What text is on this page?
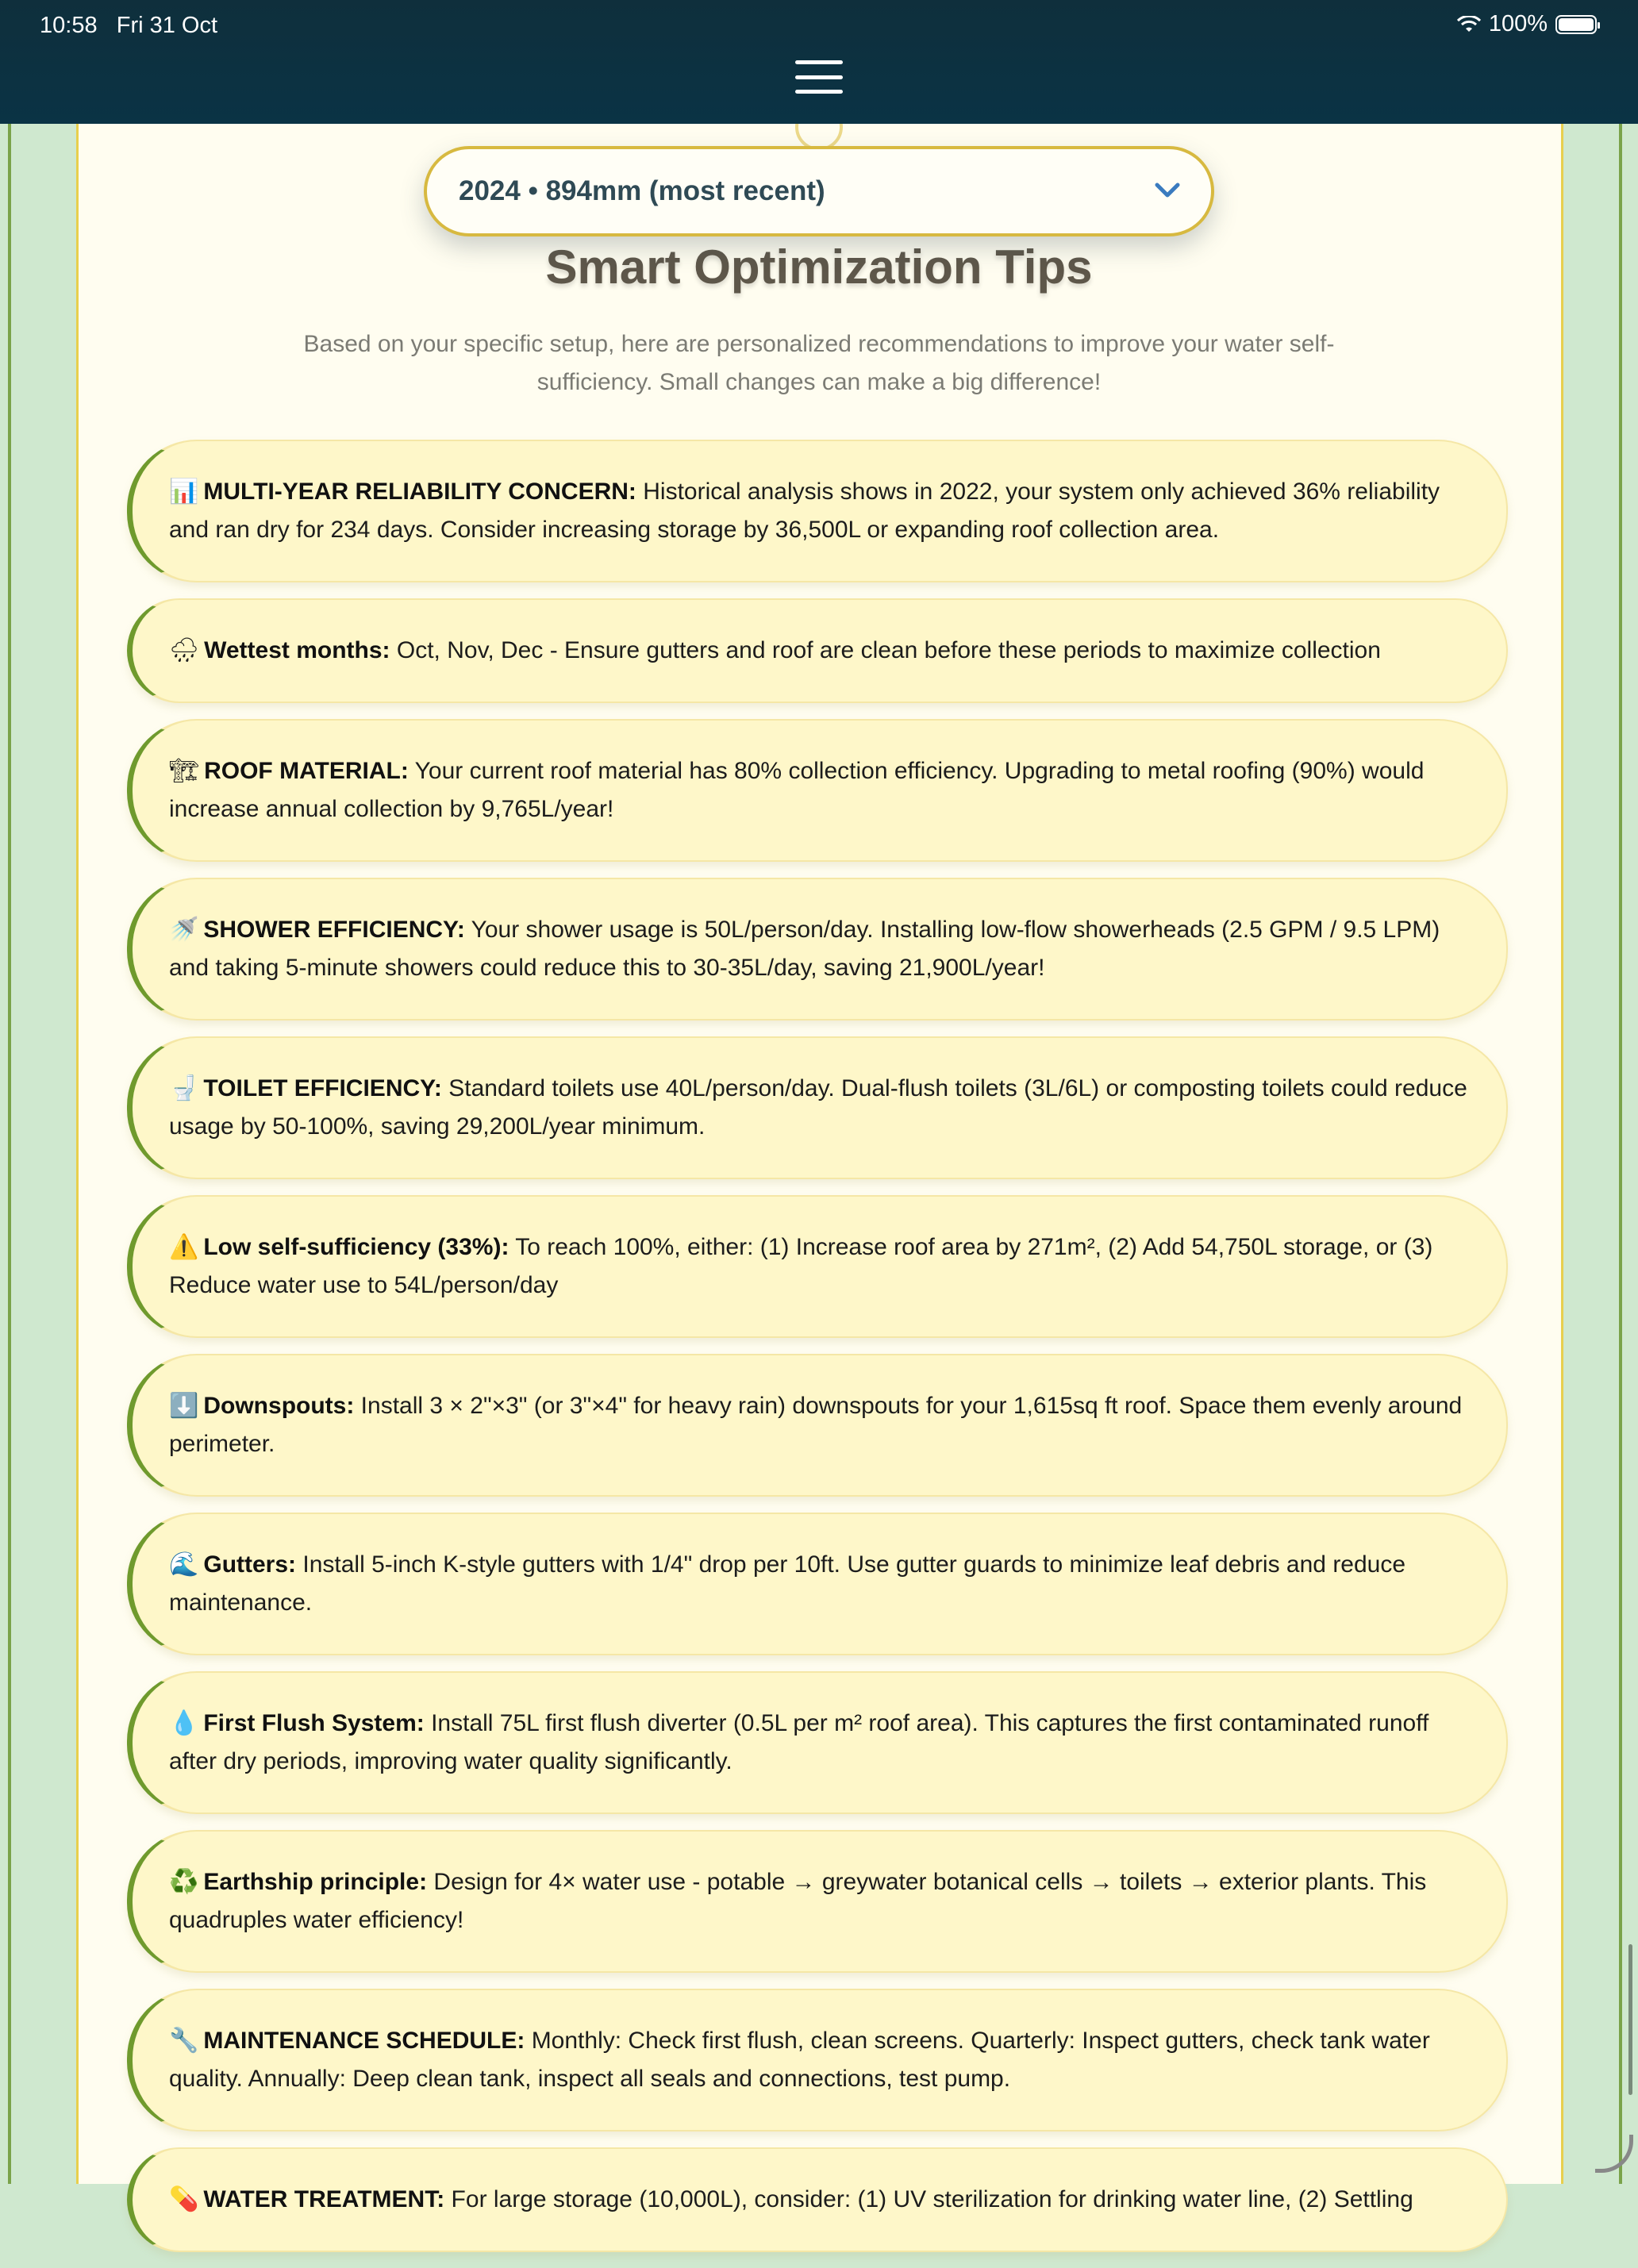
10:58 Fri 31 Oct	100%
2024 • 894mm (most recent)
Smart Optimization Tips

Based on your specific setup, here are personalized recommendations to improve your water self-sufficiency. Small changes can make a big difference!

📊 MULTI-YEAR RELIABILITY CONCERN: Historical analysis shows in 2022, your system only achieved 36% reliability and ran dry for 234 days. Consider increasing storage by 36,500L or expanding roof collection area.
🌧 Wettest months: Oct, Nov, Dec - Ensure gutters and roof are clean before these periods to maximize collection
🏗 ROOF MATERIAL: Your current roof material has 80% collection efficiency. Upgrading to metal roofing (90%) would increase annual collection by 9,765L/year!
🚿 SHOWER EFFICIENCY: Your shower usage is 50L/person/day. Installing low-flow showerheads (2.5 GPM / 9.5 LPM) and taking 5-minute showers could reduce this to 30-35L/day, saving 21,900L/year!
🚽 TOILET EFFICIENCY: Standard toilets use 40L/person/day. Dual-flush toilets (3L/6L) or composting toilets could reduce usage by 50-100%, saving 29,200L/year minimum.
⚠️ Low self-sufficiency (33%): To reach 100%, either: (1) Increase roof area by 271m², (2) Add 54,750L storage, or (3) Reduce water use to 54L/person/day
⬇️ Downspouts: Install 3 × 2"×3" (or 3"×4" for heavy rain) downspouts for your 1,615sq ft roof. Space them evenly around perimeter.
🌊 Gutters: Install 5-inch K-style gutters with 1/4" drop per 10ft. Use gutter guards to minimize leaf debris and reduce maintenance.
💧 First Flush System: Install 75L first flush diverter (0.5L per m² roof area). This captures the first contaminated runoff after dry periods, improving water quality significantly.
♻️ Earthship principle: Design for 4× water use - potable → greywater botanical cells → toilets → exterior plants. This quadruples water efficiency!
🔧 MAINTENANCE SCHEDULE: Monthly: Check first flush, clean screens. Quarterly: Inspect gutters, check tank water quality. Annually: Deep clean tank, inspect all seals and connections, test pump.
💊 WATER TREATMENT: For large storage (10,000L), consider: (1) UV sterilization for drinking water line, (2) Settling
